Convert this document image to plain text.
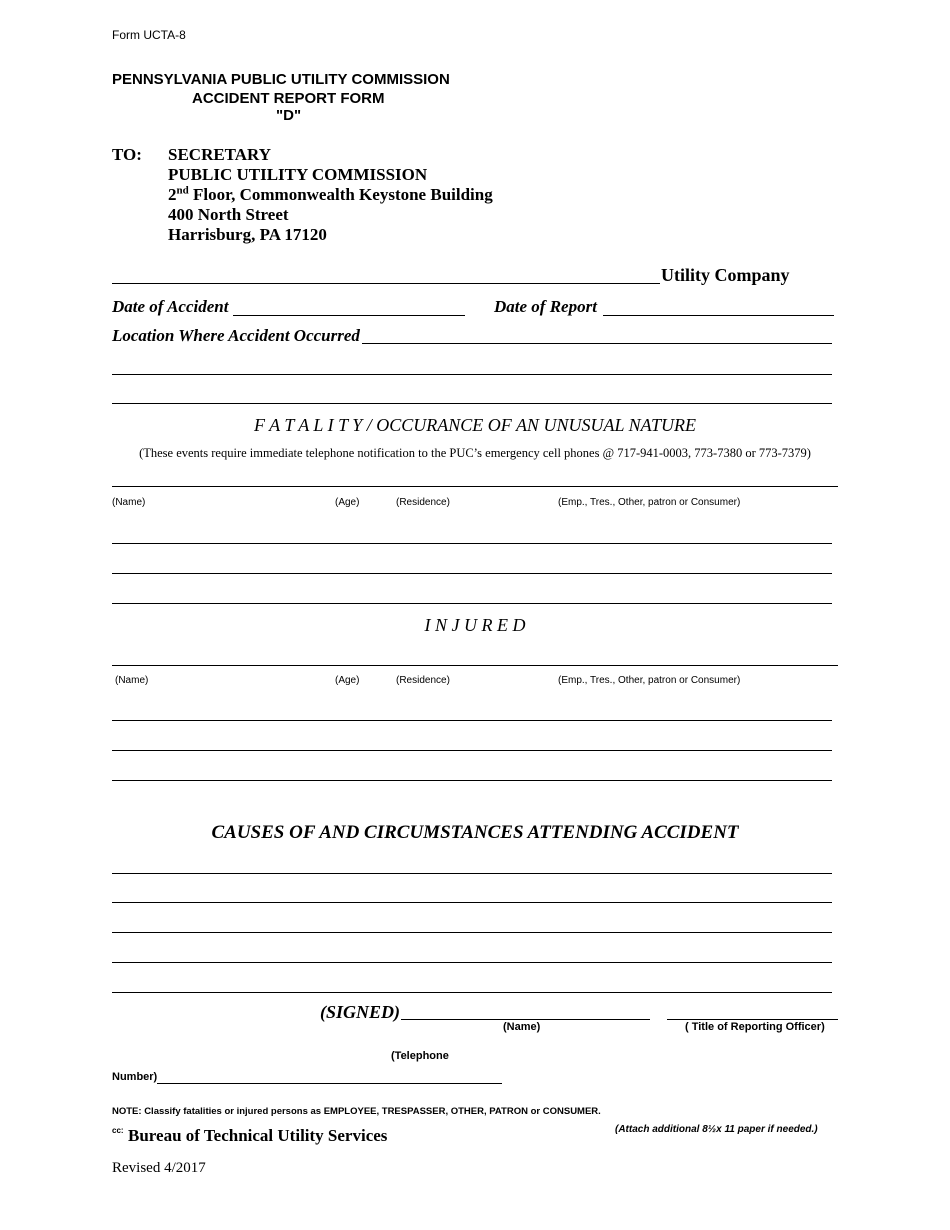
Form UCTA-8
PENNSYLVANIA PUBLIC UTILITY COMMISSION
ACCIDENT REPORT FORM
"D"
TO: SECRETARY
PUBLIC UTILITY COMMISSION
2nd Floor, Commonwealth Keystone Building
400 North Street
Harrisburg, PA 17120
Utility Company
Date of Accident	Date of Report
Location Where Accident Occurred
F A T A L I T Y / OCCURANCE OF AN UNUSUAL NATURE
(These events require immediate telephone notification to the PUC’s emergency cell phones @ 717-941-0003, 773-7380 or 773-7379)
(Name)	(Age)	(Residence)	(Emp., Tres., Other, patron or Consumer)
I N J U R E D
(Name)	(Age)	(Residence)	(Emp., Tres., Other, patron or Consumer)
CAUSES OF AND CIRCUMSTANCES ATTENDING ACCIDENT
(SIGNED)
(Name)	( Title of Reporting Officer)
(Telephone
Number)
NOTE: Classify fatalities or injured persons as EMPLOYEE, TRESPASSER, OTHER, PATRON or CONSUMER.
cc: Bureau of Technical Utility Services	(Attach additional 8½x 11 paper if needed.)
Revised 4/2017
